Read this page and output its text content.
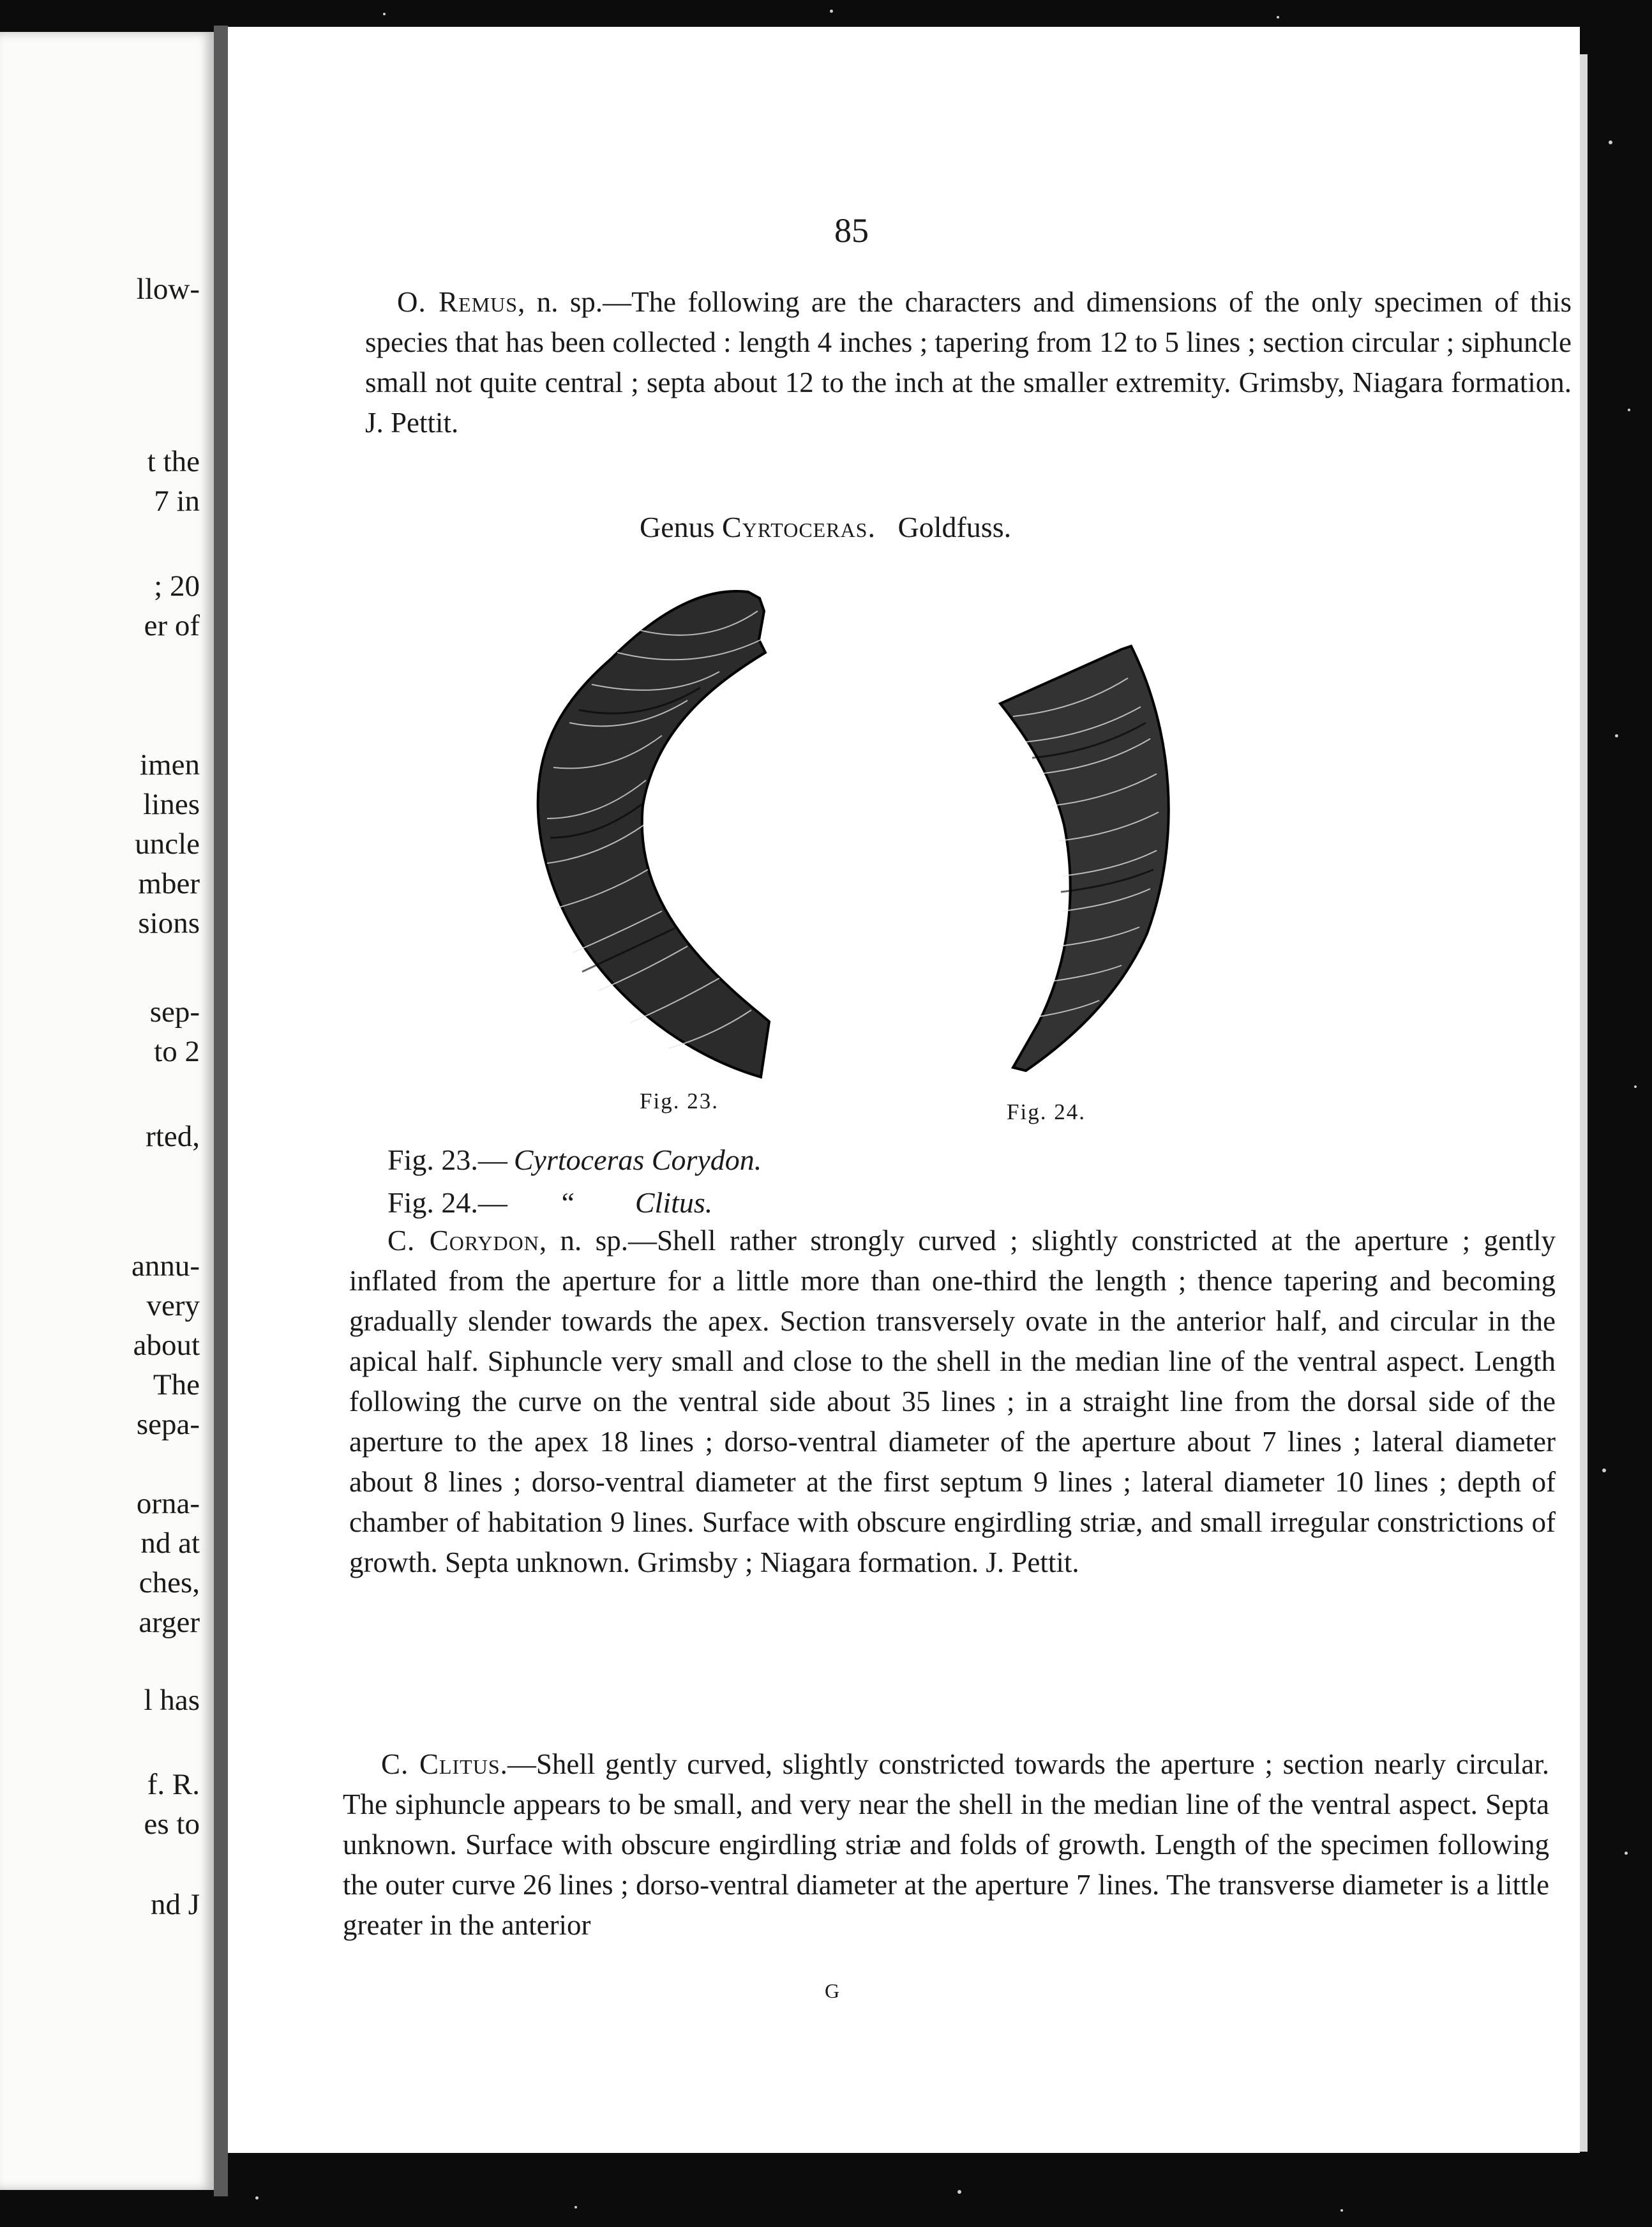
llow-
t the
7 in
; 20
er of
imen
lines
uncle
mber
sions
sep-
to 2
rted,
annu-
very
about
The
sepa-
orna-
nd at
ches,
arger
l has
f. R.
es to
nd J
85

O. Remus, n. sp.—The following are the characters and dimensions of the only specimen of this species that has been collected : length 4 inches ; tapering from 12 to 5 lines ; section circular ; siphuncle small not quite central ; septa about 12 to the inch at the smaller extremity. Grimsby, Niagara formation. J. Pettit.

Genus Cyrtoceras. Goldfuss.
Fig. 23.	Fig. 24.
Fig. 23.— Cyrtoceras Corydon.
Fig. 24.— “ Clitus.

C. Corydon, n. sp.—Shell rather strongly curved ; slightly constricted at the aperture ; gently inflated from the aperture for a little more than one-third the length ; thence tapering and becoming gradually slender towards the apex. Section transversely ovate in the anterior half, and circular in the apical half. Siphuncle very small and close to the shell in the median line of the ventral aspect. Length following the curve on the ventral side about 35 lines ; in a straight line from the dorsal side of the aperture to the apex 18 lines ; dorso-ventral diameter of the aperture about 7 lines ; lateral diameter about 8 lines ; dorso-ventral diameter at the first septum 9 lines ; lateral diameter 10 lines ; depth of chamber of habitation 9 lines. Surface with obscure engirdling striæ, and small irregular constrictions of growth. Septa unknown. Grimsby ; Niagara formation. J. Pettit.

C. Clitus.—Shell gently curved, slightly constricted towards the aperture ; section nearly circular. The siphuncle appears to be small, and very near the shell in the median line of the ventral aspect. Septa unknown. Surface with obscure engirdling striæ and folds of growth. Length of the specimen following the outer curve 26 lines ; dorso-ventral diameter at the aperture 7 lines. The transverse diameter is a little greater in the anterior

G
